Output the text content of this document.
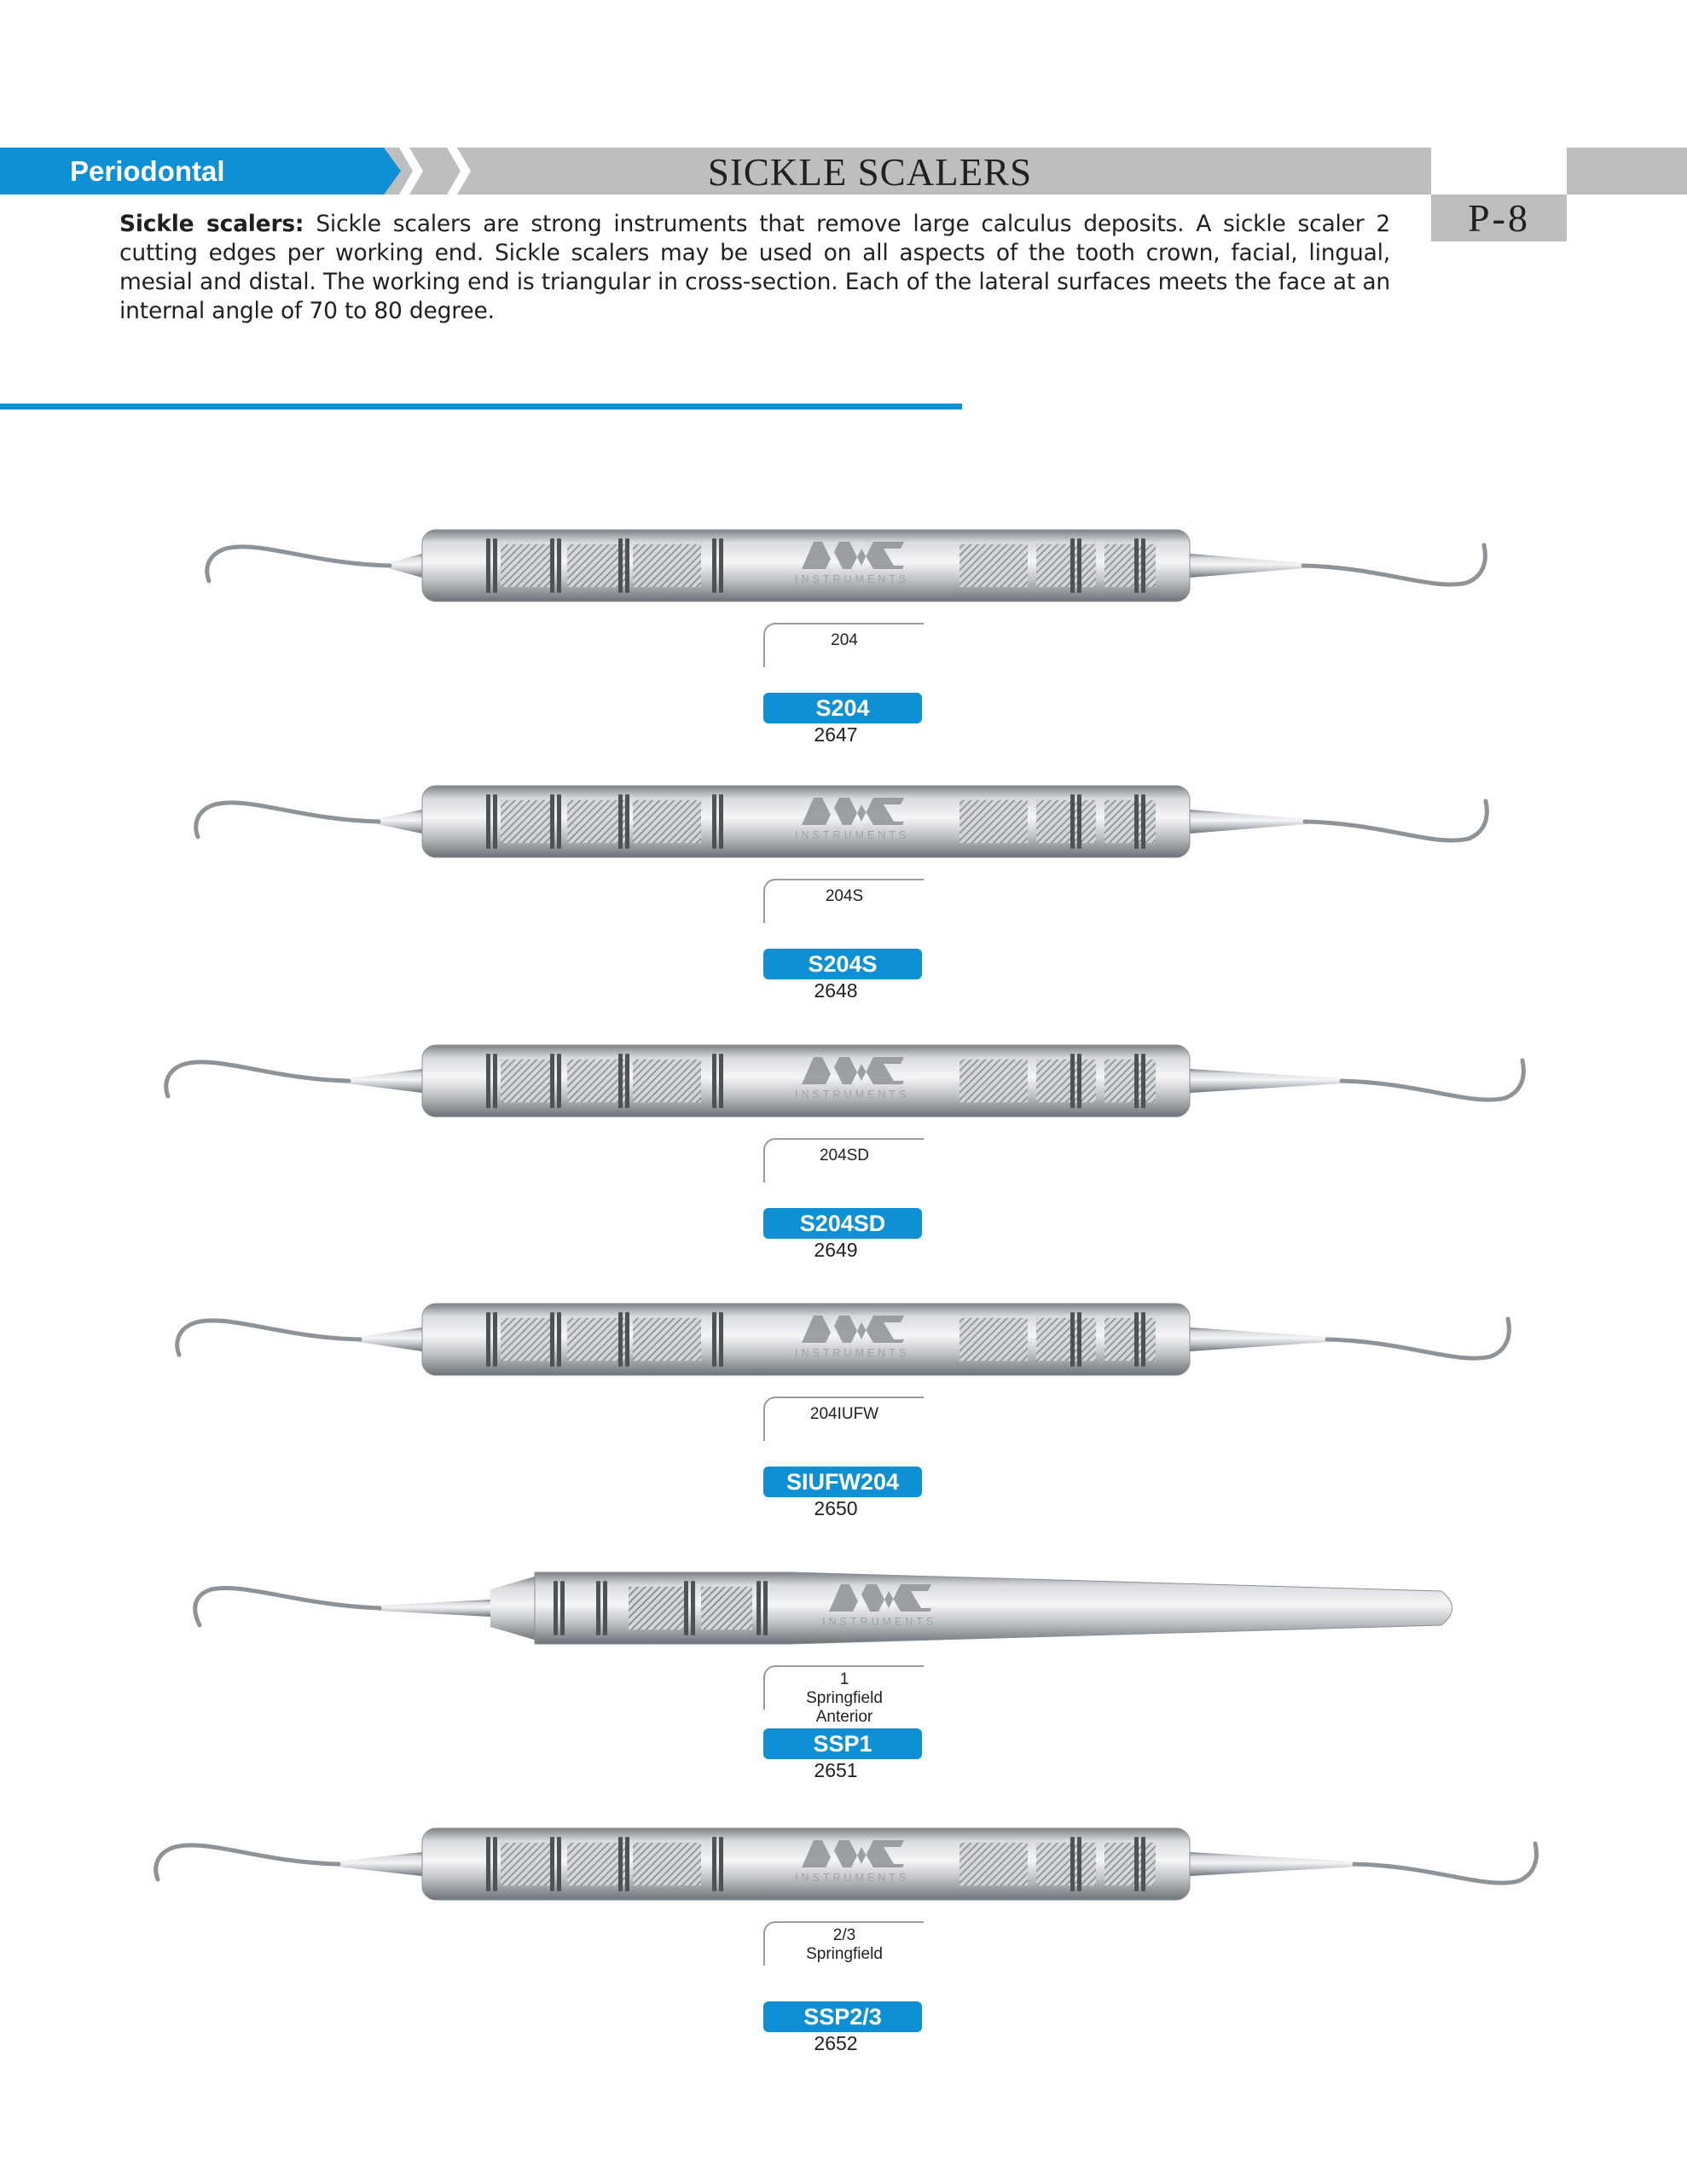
Periodontal	SICKLE SCALERS
P-8
Sickle scalers: Sickle scalers are strong instruments that remove large calculus deposits. A sickle scaler 2 cutting edges per working end. Sickle scalers may be used on all aspects of the tooth crown, facial, lingual, mesial and distal. The working end is triangular in cross-section. Each of the lateral surfaces meets the face at an internal angle of 70 to 80 degree.
INSTRUMENTS
204
S204
2647
INSTRUMENTS
204S
S204S
2648
INSTRUMENTS
204SD
S204SD
2649
INSTRUMENTS
204IUFW
SIUFW204
2650
INSTRUMENTS
1
Springfield
Anterior
SSP1
2651
INSTRUMENTS
2/3
Springfield
SSP2/3
2652
